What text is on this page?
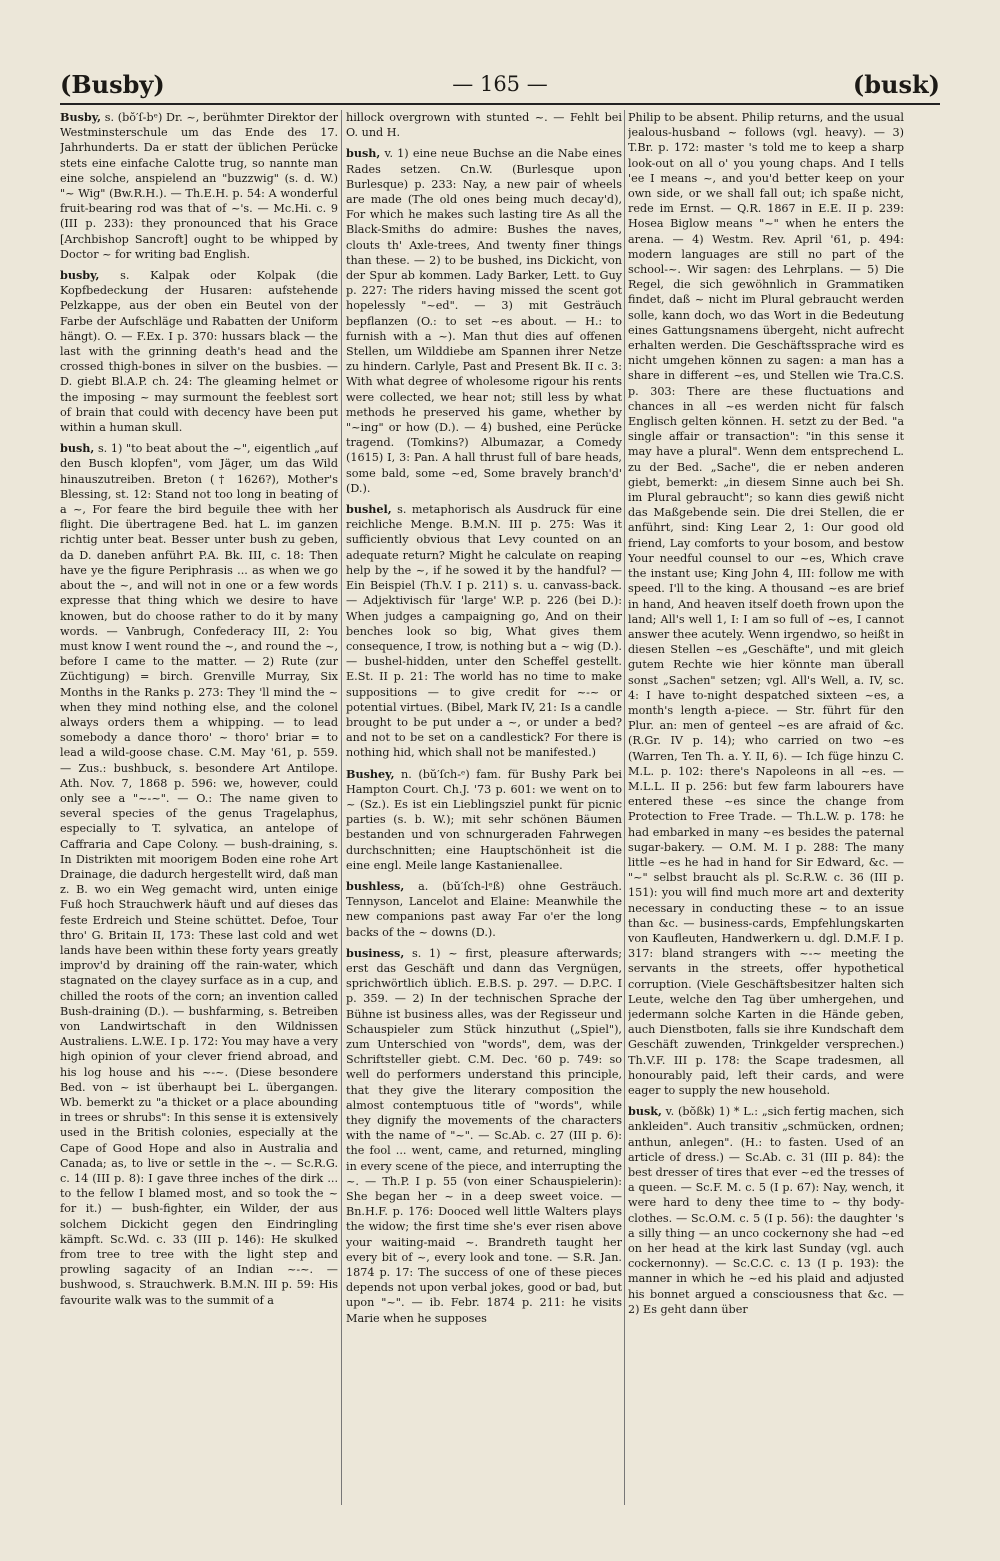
(Busby)	— 165 —	(busk)

Busby, s. (bŏ′ſ-bᵉ) Dr. ~, berühmter Direktor der Westminsterschule um das Ende des 17. Jahrhunderts. Da er statt der üblichen Perücke stets eine einfache Calotte trug, so nannte man eine solche, anspielend an "buzzwig" (s. d. W.) "~ Wig" (Bw.R.H.). — Th.E.H. p. 54: A wonderful fruit-bearing rod was that of ~'s. — Mc.Hi. c. 9 (III p. 233): they pronounced that his Grace [Archbishop Sancroft] ought to be whipped by Doctor ~ for writing bad English.

busby, s. Kalpak oder Kolpak (die Kopfbedeckung der Husaren: aufstehende Pelzkappe, aus der oben ein Beutel von der Farbe der Aufschläge und Rabatten der Uniform hängt). O. — F.Ex. I p. 370: hussars black — the last with the grinning death's head and the crossed thigh-bones in silver on the busbies. — D. giebt Bl.A.P. ch. 24: The gleaming helmet or the imposing ~ may surmount the feeblest sort of brain that could with decency have been put within a human skull.

bush, s. 1) "to beat about the ~", eigentlich „auf den Busch klopfen", vom Jäger, um das Wild hinauszutreiben. Breton († 1626?), Mother's Blessing, st. 12: Stand not too long in beating of a ~, For feare the bird beguile thee with her flight. Die übertragene Bed. hat L. im ganzen richtig unter beat. Besser unter bush zu geben, da D. daneben anführt P.A. Bk. III, c. 18: Then have ye the figure Periphrasis ... as when we go about the ~, and will not in one or a few words expresse that thing which we desire to have knowen, but do choose rather to do it by many words. — Vanbrugh, Confederacy III, 2: You must know I went round the ~, and round the ~, before I came to the matter. — 2) Rute (zur Züchtigung) = birch. Grenville Murray, Six Months in the Ranks p. 273: They 'll mind the ~ when they mind nothing else, and the colonel always orders them a whipping. — to lead somebody a dance thoro' ~ thoro' briar = to lead a wild-goose chase. C.M. May '61, p. 559. — Zus.: bushbuck, s. besondere Art Antilope. Ath. Nov. 7, 1868 p. 596: we, however, could only see a "~-~". — O.: The name given to several species of the genus Tragelaphus, especially to T. sylvatica, an antelope of Caffraria and Cape Colony. — bush-draining, s. In Distrikten mit moorigem Boden eine rohe Art Drainage, die dadurch hergestellt wird, daß man z. B. wo ein Weg gemacht wird, unten einige Fuß hoch Strauchwerk häuft und auf dieses das feste Erdreich und Steine schüttet. Defoe, Tour thro' G. Britain II, 173: These last cold and wet lands have been within these forty years greatly improv'd by draining off the rain-water, which stagnated on the clayey surface as in a cup, and chilled the roots of the corn; an invention called Bush-draining (D.). — bushfarming, s. Betreiben von Landwirtschaft in den Wildnissen Australiens. L.W.E. I p. 172: You may have a very high opinion of your clever friend abroad, and his log house and his ~-~. (Diese besondere Bed. von ~ ist überhaupt bei L. übergangen. Wb. bemerkt zu "a thicket or a place abounding in trees or shrubs": In this sense it is extensively used in the British colonies, especially at the Cape of Good Hope and also in Australia and Canada; as, to live or settle in the ~. — Sc.R.G. c. 14 (III p. 8): I gave three inches of the dirk ... to the fellow I blamed most, and so took the ~ for it.) — bush-fighter, ein Wilder, der aus solchem Dickicht gegen den Eindringling kämpft. Sc.Wd. c. 33 (III p. 146): He skulked from tree to tree with the light step and prowling sagacity of an Indian ~-~. — bushwood, s. Strauchwerk. B.M.N. III p. 59: His favourite walk was to the summit of a

hillock overgrown with stunted ~. — Fehlt bei O. und H.

bush, v. 1) eine neue Buchse an die Nabe eines Rades setzen. Cn.W. (Burlesque upon Burlesque) p. 233: Nay, a new pair of wheels are made (The old ones being much decay'd), For which he makes such lasting tire As all the Black-Smiths do admire: Bushes the naves, clouts th' Axle-trees, And twenty finer things than these. — 2) to be bushed, ins Dickicht, von der Spur ab kommen. Lady Barker, Lett. to Guy p. 227: The riders having missed the scent got hopelessly "~ed". — 3) mit Gesträuch bepflanzen (O.: to set ~es about. — H.: to furnish with a ~). Man thut dies auf offenen Stellen, um Wilddiebe am Spannen ihrer Netze zu hindern. Carlyle, Past and Present Bk. II c. 3: With what degree of wholesome rigour his rents were collected, we hear not; still less by what methods he preserved his game, whether by "~ing" or how (D.). — 4) bushed, eine Perücke tragend. (Tomkins?) Albumazar, a Comedy (1615) I, 3: Pan. A hall thrust full of bare heads, some bald, some ~ed, Some bravely branch'd' (D.).

bushel, s. metaphorisch als Ausdruck für eine reichliche Menge. B.M.N. III p. 275: Was it sufficiently obvious that Levy counted on an adequate return? Might he calculate on reaping help by the ~, if he sowed it by the handful? — Ein Beispiel (Th.V. I p. 211) s. u. canvass-back. — Adjektivisch für 'large' W.P. p. 226 (bei D.): When judges a campaigning go, And on their benches look so big, What gives them consequence, I trow, is nothing but a ~ wig (D.). — bushel-hidden, unter den Scheffel gestellt. E.St. II p. 21: The world has no time to make suppositions — to give credit for ~-~ or potential virtues. (Bibel, Mark IV, 21: Is a candle brought to be put under a ~, or under a bed? and not to be set on a candlestick? For there is nothing hid, which shall not be manifested.)

Bushey, n. (bŭ′ſch-ᵉ) fam. für Bushy Park bei Hampton Court. Ch.J. '73 p. 601: we went on to ~ (Sz.). Es ist ein Lieblingsziel punkt für picnic parties (s. b. W.); mit sehr schönen Bäumen bestanden und von schnurgeraden Fahrwegen durchschnitten; eine Hauptschönheit ist die eine engl. Meile lange Kastanienallee.

bushless, a. (bŭ′ſch-lᵉß) ohne Gesträuch. Tennyson, Lancelot and Elaine: Meanwhile the new companions past away Far o'er the long backs of the ~ downs (D.).

business, s. 1) ~ first, pleasure afterwards; erst das Geschäft und dann das Vergnügen, sprichwörtlich üblich. E.B.S. p. 297. — D.P.C. I p. 359. — 2) In der technischen Sprache der Bühne ist business alles, was der Regisseur und Schauspieler zum Stück hinzuthut („Spiel"), zum Unterschied von "words", dem, was der Schriftsteller giebt. C.M. Dec. '60 p. 749: so well do performers understand this principle, that they give the literary composition the almost contemptuous title of "words", while they dignify the movements of the characters with the name of "~". — Sc.Ab. c. 27 (III p. 6): the fool ... went, came, and returned, mingling in every scene of the piece, and interrupting the ~. — Th.P. I p. 55 (von einer Schauspielerin): She began her ~ in a deep sweet voice. — Bn.H.F. p. 176: Dooced well little Walters plays the widow; the first time she's ever risen above your waiting-maid ~. Brandreth taught her every bit of ~, every look and tone. — S.R. Jan. 1874 p. 17: The success of one of these pieces depends not upon verbal jokes, good or bad, but upon "~". — ib. Febr. 1874 p. 211: he visits Marie when he supposes

Philip to be absent. Philip returns, and the usual jealous-husband ~ follows (vgl. heavy). — 3) T.Br. p. 172: master 's told me to keep a sharp look-out on all o' you young chaps. And I tells 'ee I means ~, and you'd better keep on your own side, or we shall fall out; ich spaße nicht, rede im Ernst. — Q.R. 1867 in E.E. II p. 239: Hosea Biglow means "~" when he enters the arena. — 4) Westm. Rev. April '61, p. 494: modern languages are still no part of the school-~. Wir sagen: des Lehrplans. — 5) Die Regel, die sich gewöhnlich in Grammatiken findet, daß ~ nicht im Plural gebraucht werden solle, kann doch, wo das Wort in die Bedeutung eines Gattungsnamens übergeht, nicht aufrecht erhalten werden. Die Geschäftssprache wird es nicht umgehen können zu sagen: a man has a share in different ~es, und Stellen wie Tra.C.S. p. 303: There are these fluctuations and chances in all ~es werden nicht für falsch Englisch gelten können. H. setzt zu der Bed. "a single affair or transaction": "in this sense it may have a plural". Wenn dem entsprechend L. zu der Bed. „Sache", die er neben anderen giebt, bemerkt: „in diesem Sinne auch bei Sh. im Plural gebraucht"; so kann dies gewiß nicht das Maßgebende sein. Die drei Stellen, die er anführt, sind: King Lear 2, 1: Our good old friend, Lay comforts to your bosom, and bestow Your needful counsel to our ~es, Which crave the instant use; King John 4, III: follow me with speed. I'll to the king. A thousand ~es are brief in hand, And heaven itself doeth frown upon the land; All's well 1, I: I am so full of ~es, I cannot answer thee acutely. Wenn irgendwo, so heißt in diesen Stellen ~es „Geschäfte", und mit gleich gutem Rechte wie hier könnte man überall sonst „Sachen" setzen; vgl. All's Well, a. IV, sc. 4: I have to-night despatched sixteen ~es, a month's length a-piece. — Str. führt für den Plur. an: men of genteel ~es are afraid of &c. (R.Gr. IV p. 14); who carried on two ~es (Warren, Ten Th. a. Y. II, 6). — Ich füge hinzu C. M.L. p. 102: there's Napoleons in all ~es. — M.L.L. II p. 256: but few farm labourers have entered these ~es since the change from Protection to Free Trade. — Th.L.W. p. 178: he had embarked in many ~es besides the paternal sugar-bakery. — O.M. M. I p. 288: The many little ~es he had in hand for Sir Edward, &c. — "~" selbst braucht als pl. Sc.R.W. c. 36 (III p. 151): you will find much more art and dexterity necessary in conducting these ~ to an issue than &c. — business-cards, Empfehlungskarten von Kaufleuten, Handwerkern u. dgl. D.M.F. I p. 317: bland strangers with ~-~ meeting the servants in the streets, offer hypothetical corruption. (Viele Geschäftsbesitzer halten sich Leute, welche den Tag über umhergehen, und jedermann solche Karten in die Hände geben, auch Dienstboten, falls sie ihre Kundschaft dem Geschäft zuwenden, Trinkgelder versprechen.) Th.V.F. III p. 178: the Scape tradesmen, all honourably paid, left their cards, and were eager to supply the new household.

busk, v. (bŏßk) 1) * L.: „sich fertig machen, sich ankleiden". Auch transitiv „schmücken, ordnen; anthun, anlegen". (H.: to fasten. Used of an article of dress.) — Sc.Ab. c. 31 (III p. 84): the best dresser of tires that ever ~ed the tresses of a queen. — Sc.F. M. c. 5 (I p. 67): Nay, wench, it were hard to deny thee time to ~ thy body-clothes. — Sc.O.M. c. 5 (I p. 56): the daughter 's a silly thing — an unco cockernony she had ~ed on her head at the kirk last Sunday (vgl. auch cockernonny). — Sc.C.C. c. 13 (I p. 193): the manner in which he ~ed his plaid and adjusted his bonnet argued a consciousness that &c. — 2) Es geht dann über
